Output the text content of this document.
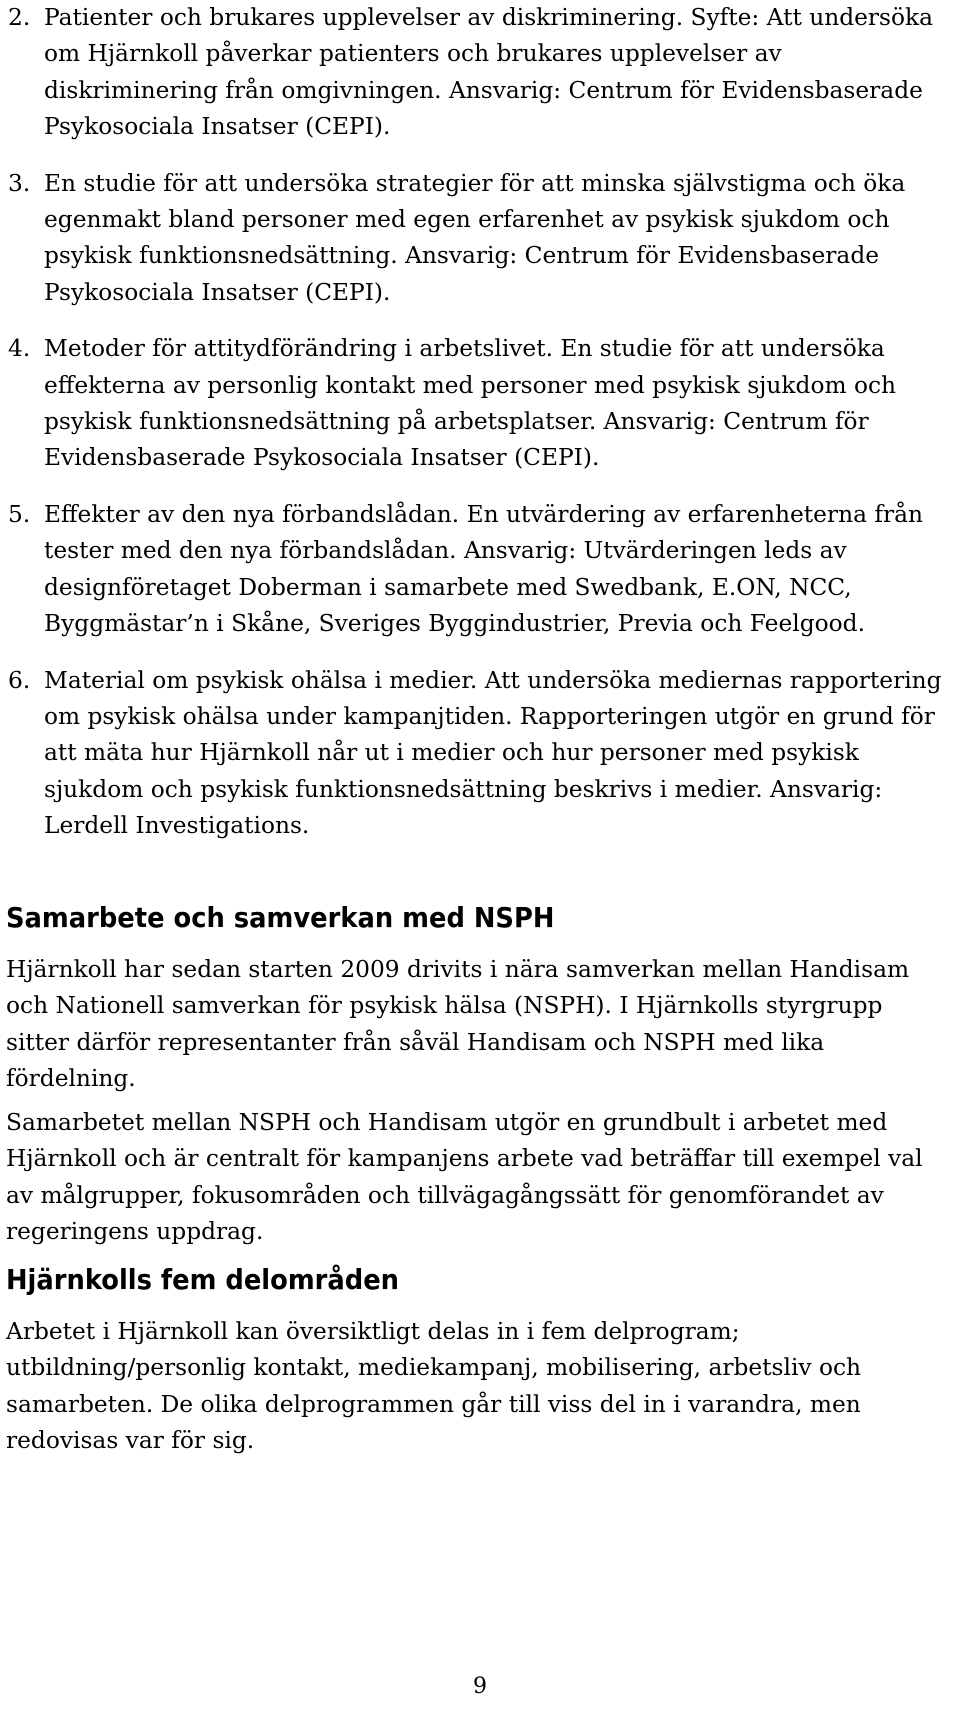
2. Patienter och brukares upplevelser av diskriminering. Syfte: Att undersöka om Hjärnkoll påverkar patienters och brukares upplevelser av diskriminering från omgivningen. Ansvarig: Centrum för Evidensbaserade Psykosociala Insatser (CEPI).
3. En studie för att undersöka strategier för att minska självstigma och öka egenmakt bland personer med egen erfarenhet av psykisk sjukdom och psykisk funktionsnedsättning. Ansvarig: Centrum för Evidensbaserade Psykosociala Insatser (CEPI).
4. Metoder för attitydförändring i arbetslivet. En studie för att undersöka effekterna av personlig kontakt med personer med psykisk sjukdom och psykisk funktionsnedsättning på arbetsplatser. Ansvarig: Centrum för Evidensbaserade Psykosociala Insatser (CEPI).
5. Effekter av den nya förbandslådan. En utvärdering av erfarenheterna från tester med den nya förbandslådan. Ansvarig: Utvärderingen leds av designföretaget Doberman i samarbete med Swedbank, E.ON, NCC, Byggmästar’n i Skåne, Sveriges Byggindustrier, Previa och Feelgood.
6. Material om psykisk ohälsa i medier. Att undersöka mediernas rapportering om psykisk ohälsa under kampanjtiden. Rapporteringen utgör en grund för att mäta hur Hjärnkoll når ut i medier och hur personer med psykisk sjukdom och psykisk funktionsnedsättning beskrivs i medier. Ansvarig: Lerdell Investigations.
Samarbete och samverkan med NSPH

Hjärnkoll har sedan starten 2009 drivits i nära samverkan mellan Handisam och Nationell samverkan för psykisk hälsa (NSPH). I Hjärnkolls styrgrupp sitter därför representanter från såväl Handisam och NSPH med lika fördelning.

Samarbetet mellan NSPH och Handisam utgör en grundbult i arbetet med Hjärnkoll och är centralt för kampanjens arbete vad beträffar till exempel val av målgrupper, fokusområden och tillvägagångssätt för genomförandet av regeringens uppdrag.

Hjärnkolls fem delområden

Arbetet i Hjärnkoll kan översiktligt delas in i fem delprogram; utbildning/personlig kontakt, mediekampanj, mobilisering, arbetsliv och samarbeten. De olika delprogrammen går till viss del in i varandra, men redovisas var för sig.

9
